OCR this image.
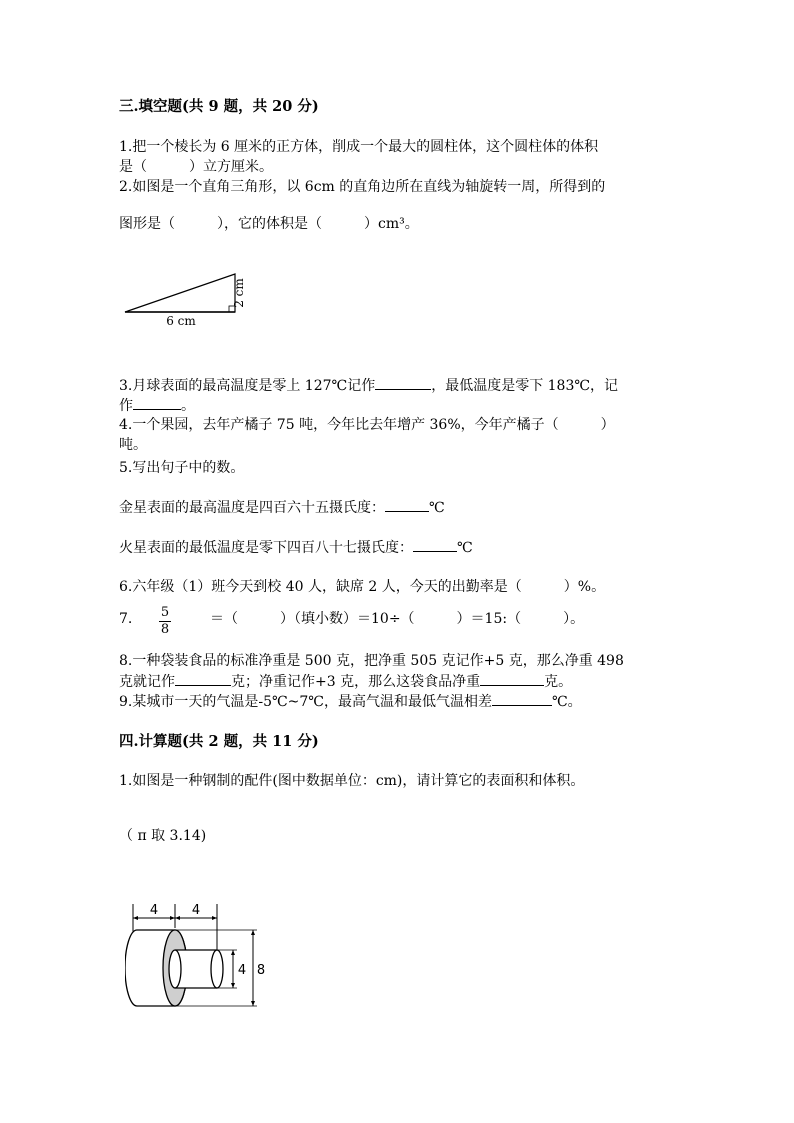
三.填空题(共 9 题，共 20 分)
1.把一个棱长为 6 厘米的正方体，削成一个最大的圆柱体，这个圆柱体的体积
是（　　　）立方厘米。
2.如图是一个直角三角形，以 6cm 的直角边所在直线为轴旋转一周，所得到的
图形是（　　　），它的体积是（　　　）cm³。
6 cm
2 cm
3.月球表面的最高温度是零上 127℃记作	，最低温度是零下 183℃，记
作	。
4.一个果园，去年产橘子 75 吨，今年比去年增产 36%，今年产橘子（　　　）
吨。
5.写出句子中的数。
金星表面的最高温度是四百六十五摄氏度：	℃
火星表面的最低温度是零下四百八十七摄氏度：	℃
6.六年级（1）班今天到校 40 人，缺席 2 人，今天的出勤率是（　　　）%。
7. 5
8
＝（　　　）（填小数）＝10÷（　　　）＝15:（　　　）。
8.一种袋装食品的标准净重是 500 克，把净重 505 克记作+5 克，那么净重 498
克就记作	克；净重记作+3 克，那么这袋食品净重	克。
9.某城市一天的气温是-5℃~7℃，最高气温和最低气温相差	℃。
四.计算题(共 2 题，共 11 分)
1.如图是一种钢制的配件(图中数据单位：cm)，请计算它的表面积和体积。
（ π 取 3.14)
4	4
4 8
